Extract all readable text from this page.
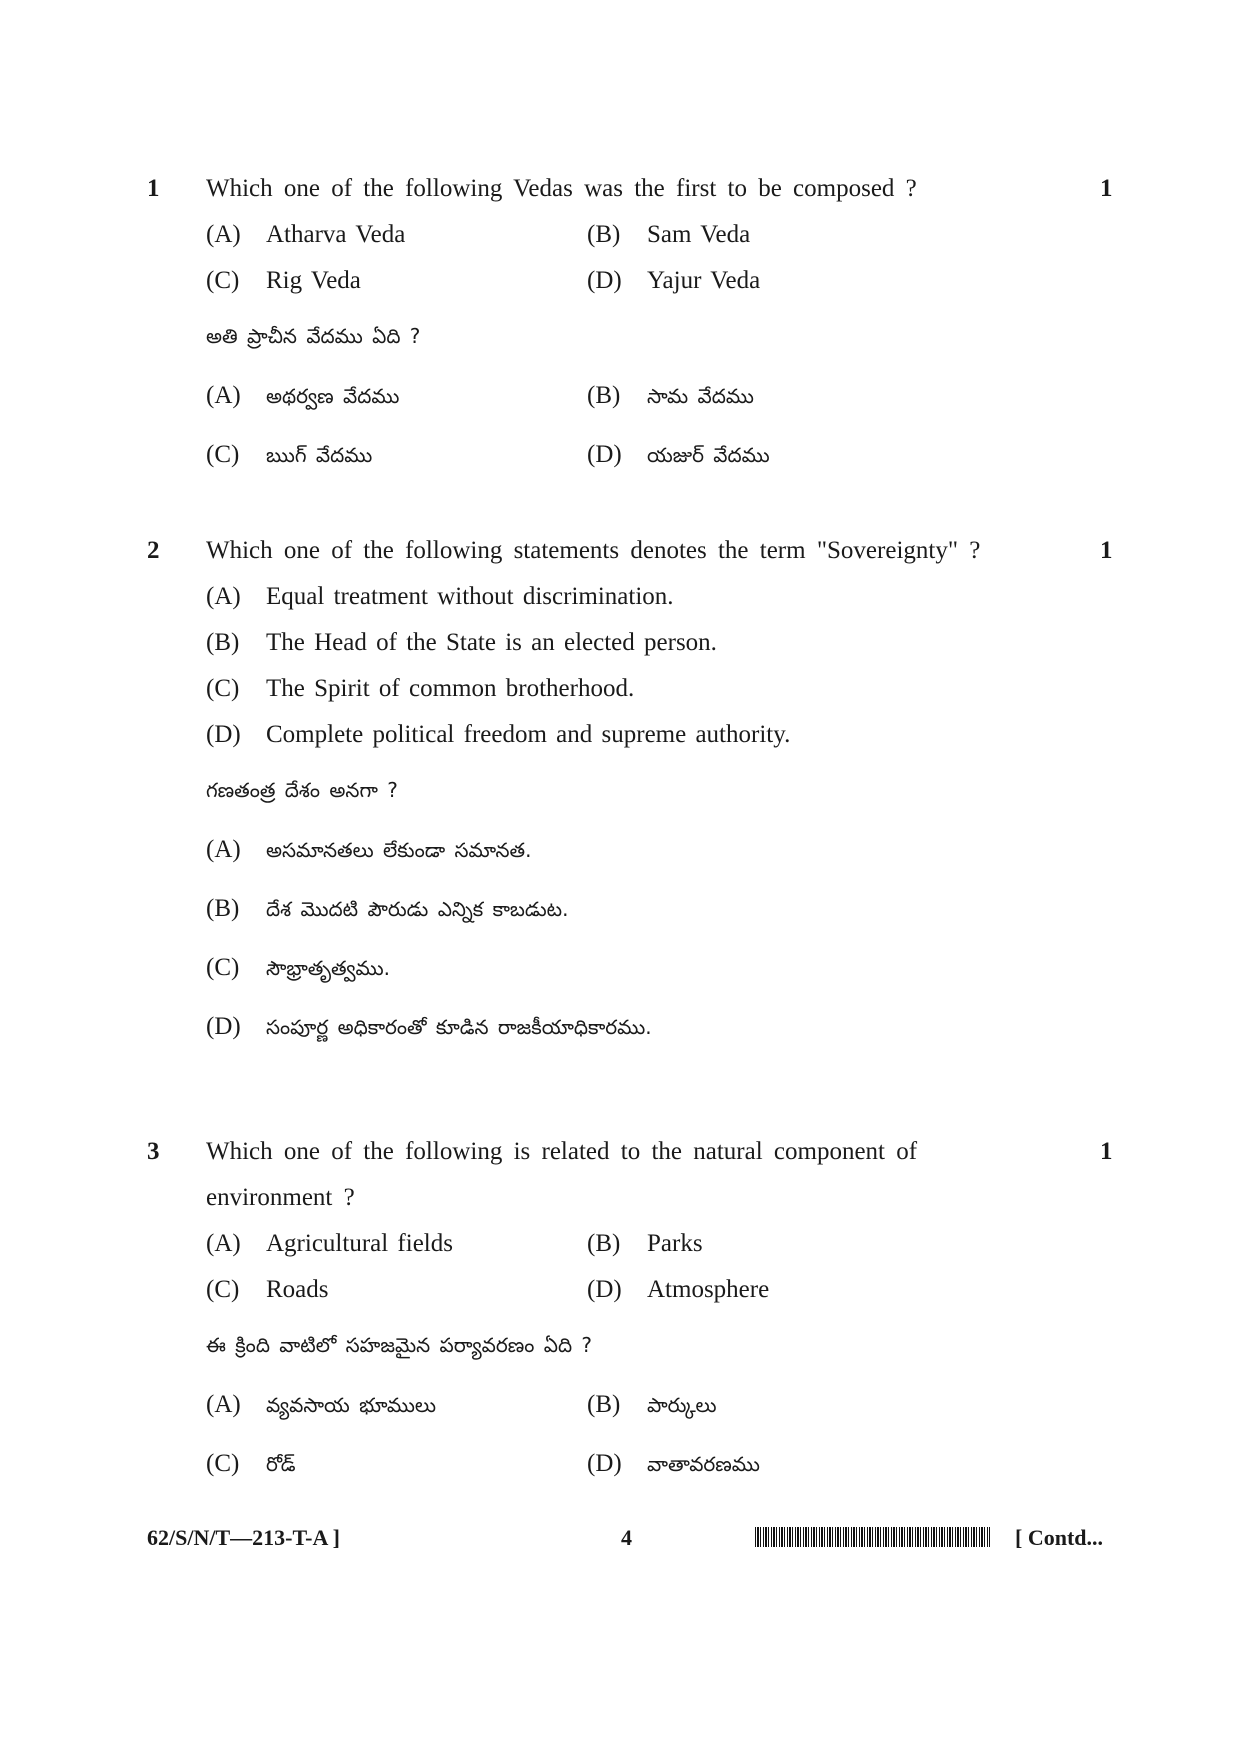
1 Which one of the following Vedas was the first to be composed ?	1
(A) Atharva Veda	(B) Sam Veda
(C) Rig Veda	(D) Yajur Veda
అతి ప్రాచీన వేదము ఏది ?
(A) అథర్వణ వేదము	(B) సామ వేదము
(C) ఋగ్ వేదము	(D) యజుర్ వేదము
2 Which one of the following statements denotes the term "Sovereignty" ?	1
(A) Equal treatment without discrimination.
(B) The Head of the State is an elected person.
(C) The Spirit of common brotherhood.
(D) Complete political freedom and supreme authority.
గణతంత్ర దేశం అనగా ?
(A) అసమానతలు లేకుండా సమానత.
(B) దేశ మొదటి పౌరుడు ఎన్నిక కాబడుట.
(C) సౌభ్రాతృత్వము.
(D) సంపూర్ణ అధికారంతో కూడిన రాజకీయాధికారము.
3 Which one of the following is related to the natural component of environment ?
1
(A) Agricultural fields	(B) Parks
(C) Roads	(D) Atmosphere
ఈ క్రింది వాటిలో సహజమైన పర్యావరణం ఏది ?
(A) వ్యవసాయ భూములు	(B) పార్కులు
(C) రోడ్	(D) వాతావరణము
62/S/N/T—213-T-A ]	4	[ Contd...
